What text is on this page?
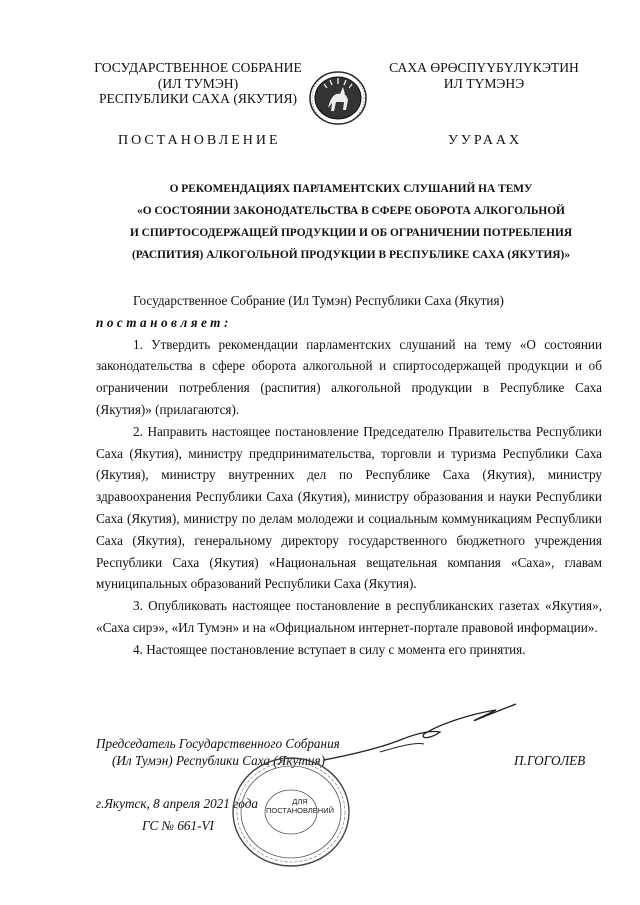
ГОСУДАРСТВЕННОЕ СОБРАНИЕ
(ИЛ ТУМЭН)
РЕСПУБЛИКИ САХА (ЯКУТИЯ)
САХА ӨРӨСПҮҮБҮЛҮКЭТИН
ИЛ ТҮМЭНЭ
ПОСТАНОВЛЕНИЕ	УУРААХ
О РЕКОМЕНДАЦИЯХ ПАРЛАМЕНТСКИХ СЛУШАНИЙ НА ТЕМУ
«О СОСТОЯНИИ ЗАКОНОДАТЕЛЬСТВА В СФЕРЕ ОБОРОТА АЛКОГОЛЬНОЙ
И СПИРТОСОДЕРЖАЩЕЙ ПРОДУКЦИИ И ОБ ОГРАНИЧЕНИИ ПОТРЕБЛЕНИЯ
(РАСПИТИЯ) АЛКОГОЛЬНОЙ ПРОДУКЦИИ В РЕСПУБЛИКЕ САХА (ЯКУТИЯ)»

Государственное Собрание (Ил Тумэн) Республики Саха (Якутия)

постановляет:

1. Утвердить рекомендации парламентских слушаний на тему «О состоянии законодательства в сфере оборота алкогольной и спиртосодержащей продукции и об ограничении потребления (распития) алкогольной продукции в Республике Саха (Якутия)» (прилагаются).

2. Направить настоящее постановление Председателю Правительства Республики Саха (Якутия), министру предпринимательства, торговли и туризма Республики Саха (Якутия), министру внутренних дел по Республике Саха (Якутия), министру здравоохранения Республики Саха (Якутия), министру образования и науки Республики Саха (Якутия), министру по делам молодежи и социальным коммуникациям Республики Саха (Якутия), генеральному директору государственного бюджетного учреждения Республики Саха (Якутия) «Национальная вещательная компания «Саха», главам муниципальных образований Республики Саха (Якутия).

3. Опубликовать настоящее постановление в республиканских газетах «Якутия», «Саха сирэ», «Ил Тумэн» и на «Официальном интернет-портале правовой информации».

4. Настоящее постановление вступает в силу с момента его принятия.

Председатель Государственного Собрания
(Ил Тумэн) Республики Саха (Якутия)	П.ГОГОЛЕВ
г.Якутск, 8 апреля 2021 года
ГС № 661-VI
ДЛЯ
ПОСТАНОВЛЕНИЙ
